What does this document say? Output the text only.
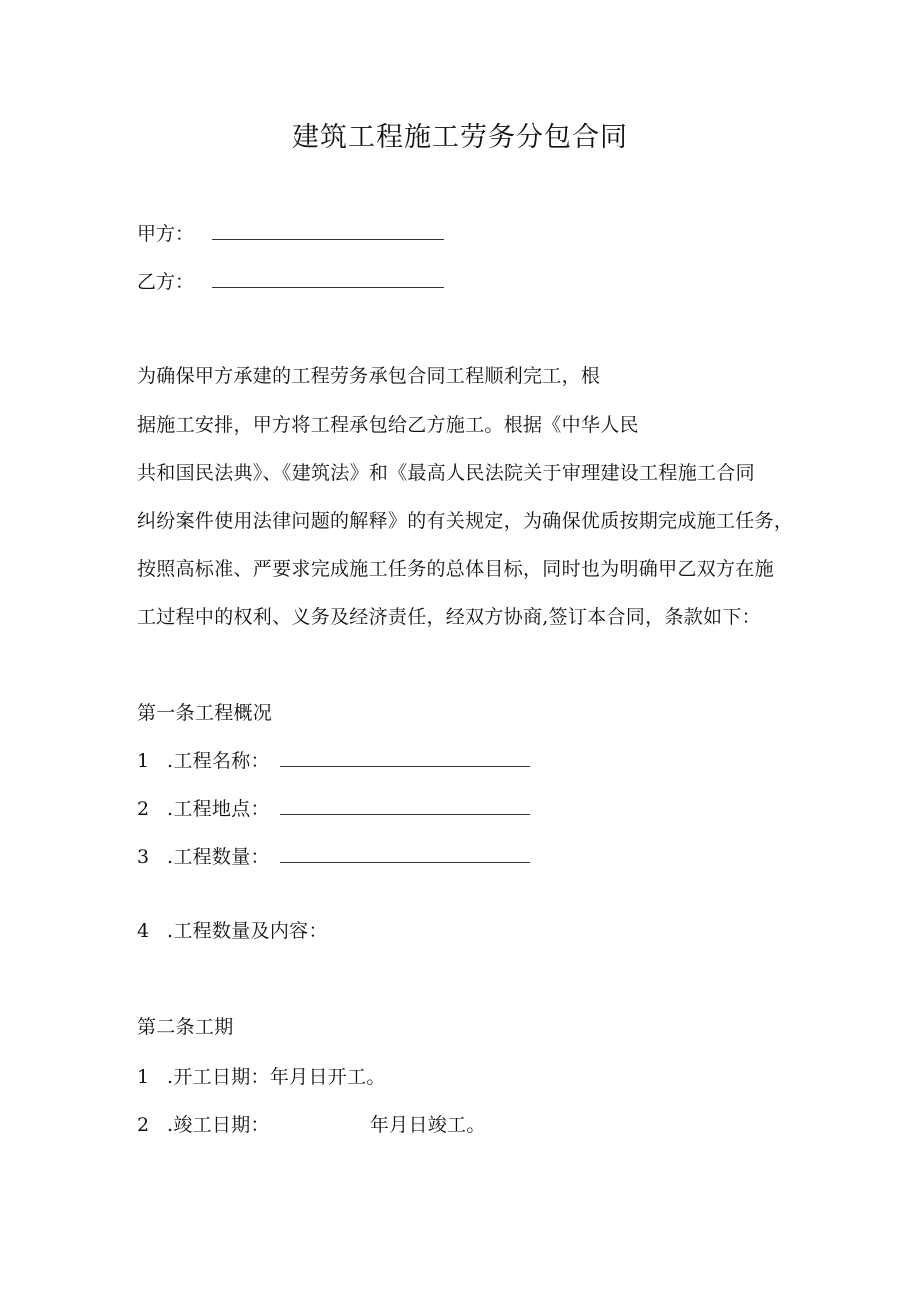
建筑工程施工劳务分包合同
甲方：
乙方：
为确保甲方承建的工程劳务承包合同工程顺利完工，根
据施工安排，甲方将工程承包给乙方施工。根据《中华人民
共和国民法典》、《建筑法》和《最高人民法院关于审理建设工程施工合同
纠纷案件使用法律问题的解释》的有关规定，为确保优质按期完成施工任务，
按照高标准、严要求完成施工任务的总体目标，同时也为明确甲乙双方在施
工过程中的权利、义务及经济责任，经双方协商,签订本合同，条款如下：
第一条工程概况
1 .工程名称：
2 .工程地点：
3 .工程数量：
4 .工程数量及内容：
第二条工期
1 .开工日期：年月日开工。
2 .竣工日期：	年月日竣工。
